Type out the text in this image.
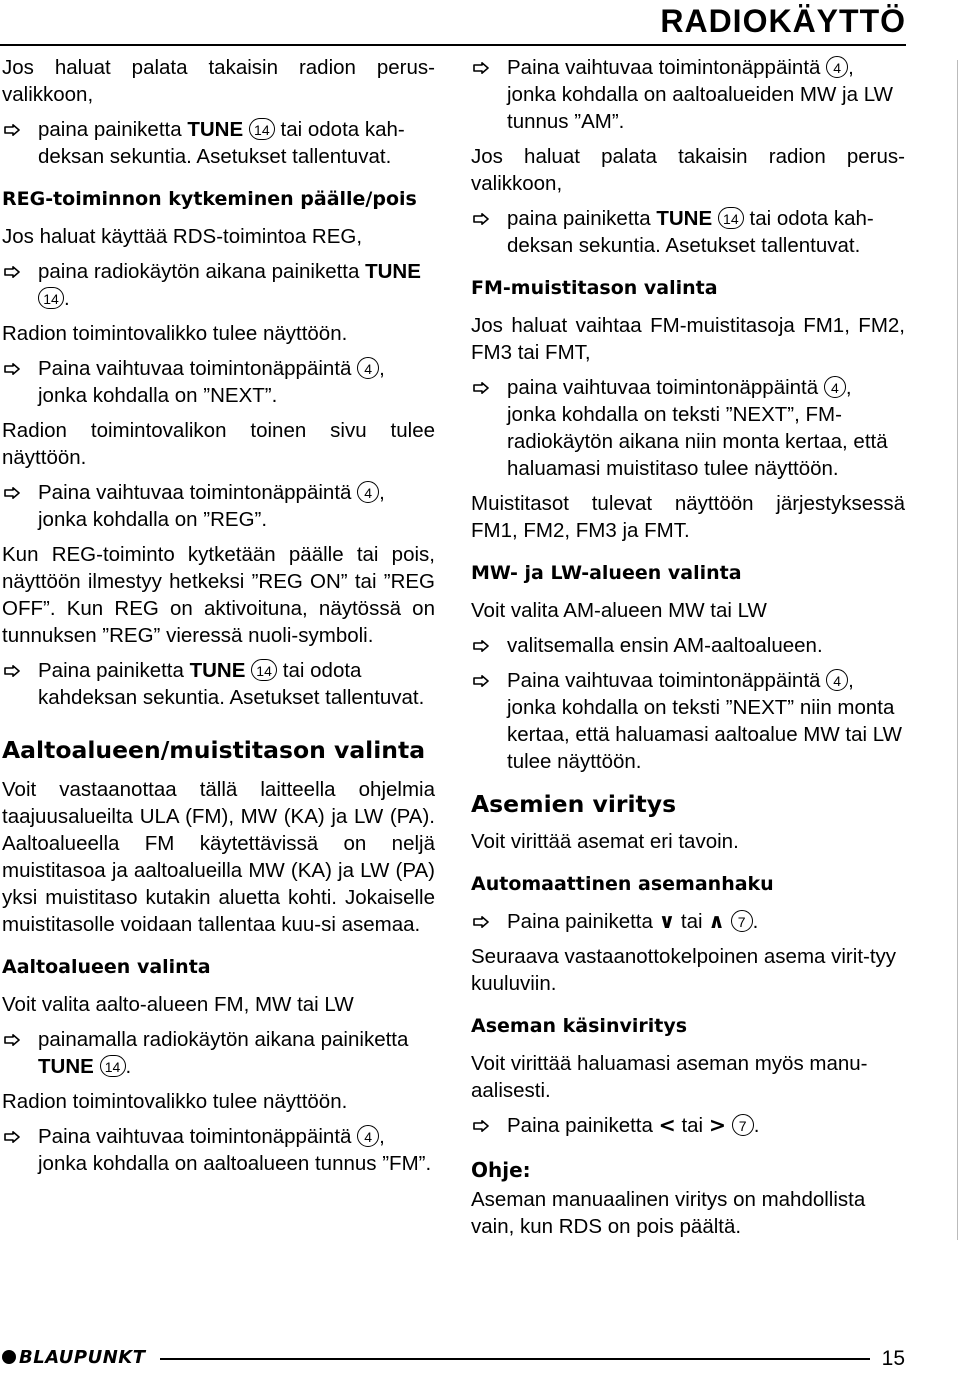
RADIOKÄYTTÖ

Jos haluat palata takaisin radion perus-valikkoon,

paina painiketta TUNE 14 tai odota kah-deksan sekuntia. Asetukset tallentuvat.
REG-toiminnon kytkeminen päälle/pois

Jos haluat käyttää RDS-toimintoa REG,

paina radiokäytön aikana painiketta TUNE 14 .

Radion toimintovalikko tulee näyttöön.

Paina vaihtuvaa toimintonäppäintä 4 , jonka kohdalla on ”NEXT”.

Radion toimintovalikon toinen sivu tulee näyttöön.

Paina vaihtuvaa toimintonäppäintä 4 , jonka kohdalla on ”REG”.

Kun REG-toiminto kytketään päälle tai pois, näyttöön ilmestyy hetkeksi ”REG ON” tai ”REG OFF”. Kun REG on aktivoituna, näytössä on tunnuksen ”REG” vieressä nuoli-symboli.

Paina painiketta TUNE 14 tai odota kahdeksan sekuntia. Asetukset tallentuvat.
Aaltoalueen/muistitason valinta

Voit vastaanottaa tällä laitteella ohjelmia taajuusalueilta ULA (FM), MW (KA) ja LW (PA). Aaltoalueella FM käytettävissä on neljä muistitasoa ja aaltoalueilla MW (KA) ja LW (PA) yksi muistitaso kutakin aluetta kohti. Jokaiselle muistitasolle voidaan tallentaa kuu-si asemaa.

Aaltoalueen valinta

Voit valita aalto-alueen FM, MW tai LW

painamalla radiokäytön aikana painiketta TUNE 14 .

Radion toimintovalikko tulee näyttöön.

Paina vaihtuvaa toimintonäppäintä 4 , jonka kohdalla on aaltoalueen tunnus ”FM”.
Paina vaihtuvaa toimintonäppäintä 4 , jonka kohdalla on aaltoalueiden MW ja LW tunnus ”AM”.

Jos haluat palata takaisin radion perus-valikkoon,

paina painiketta TUNE 14 tai odota kah-deksan sekuntia. Asetukset tallentuvat.
FM-muistitason valinta

Jos haluat vaihtaa FM-muistitasoja FM1, FM2, FM3 tai FMT,

paina vaihtuvaa toimintonäppäintä 4 , jonka kohdalla on teksti ”NEXT”, FM-radiokäytön aikana niin monta kertaa, että haluamasi muistitaso tulee näyttöön.

Muistitasot tulevat näyttöön järjestyksessä FM1, FM2, FM3 ja FMT.

MW- ja LW-alueen valinta

Voit valita AM-alueen MW tai LW

valitsemalla ensin AM-aaltoalueen.
Paina vaihtuvaa toimintonäppäintä 4 , jonka kohdalla on teksti ”NEXT” niin monta kertaa, että haluamasi aaltoalue MW tai LW tulee näyttöön.
Asemien viritys

Voit virittää asemat eri tavoin.

Automaattinen asemanhaku
Paina painiketta ∨ tai ∧ 7 .

Seuraava vastaanottokelpoinen asema virit-tyy kuuluviin.

Aseman käsinviritys

Voit virittää haluamasi aseman myös manu-aalisesti.

Paina painiketta < tai > 7 .
Ohje:

Aseman manuaalinen viritys on mahdollista vain, kun RDS on pois päältä.

BLAUPUNKT	15
